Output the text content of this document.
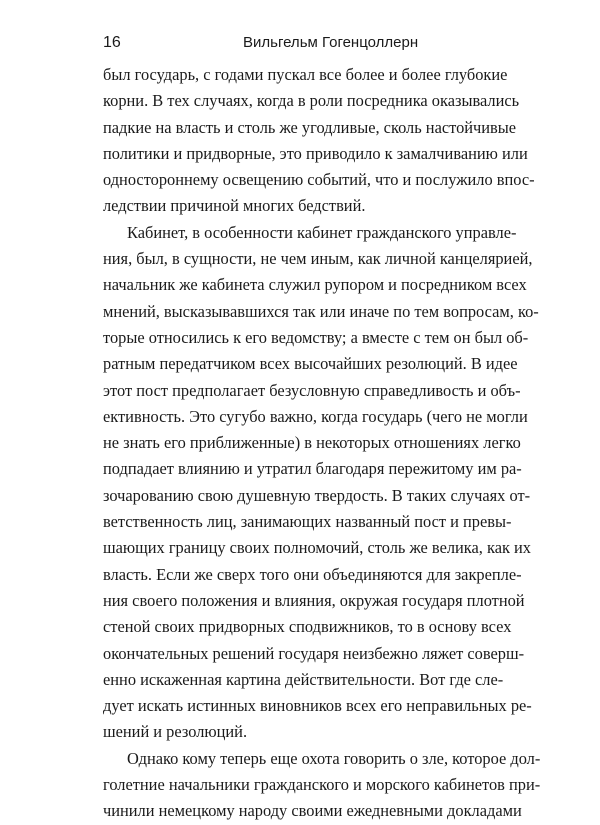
16	Вильгельм Гогенцоллерн

был государь, с годами пускал все более и более глубокие
корни. В тех случаях, когда в роли посредника оказывались
падкие на власть и столь же угодливые, сколь настойчивые
политики и придворные, это приводило к замалчиванию или
одностороннему освещению событий, что и послужило впос-
ледствии причиной многих бедствий.

Кабинет, в особенности кабинет гражданского управле-
ния, был, в сущности, не чем иным, как личной канцелярией,
начальник же кабинета служил рупором и посредником всех
мнений, высказывавшихся так или иначе по тем вопросам, ко-
торые относились к его ведомству; а вместе с тем он был об-
ратным передатчиком всех высочайших резолюций. В идее
этот пост предполагает безусловную справедливость и объ-
ективность. Это сугубо важно, когда государь (чего не могли
не знать его приближенные) в некоторых отношениях легко
подпадает влиянию и утратил благодаря пережитому им ра-
зочарованию свою душевную твердость. В таких случаях от-
ветственность лиц, занимающих названный пост и превы-
шающих границу своих полномочий, столь же велика, как их
власть. Если же сверх того они объединяются для закрепле-
ния своего положения и влияния, окружая государя плотной
стеной своих придворных сподвижников, то в основу всех
окончательных решений государя неизбежно ляжет соверш-
енно искаженная картина действительности. Вот где сле-
дует искать истинных виновников всех его неправильных ре-
шений и резолюций.

Однако кому теперь еще охота говорить о зле, которое дол-
голетние начальники гражданского и морского кабинетов при-
чинили немецкому народу своими ежедневными докладами
